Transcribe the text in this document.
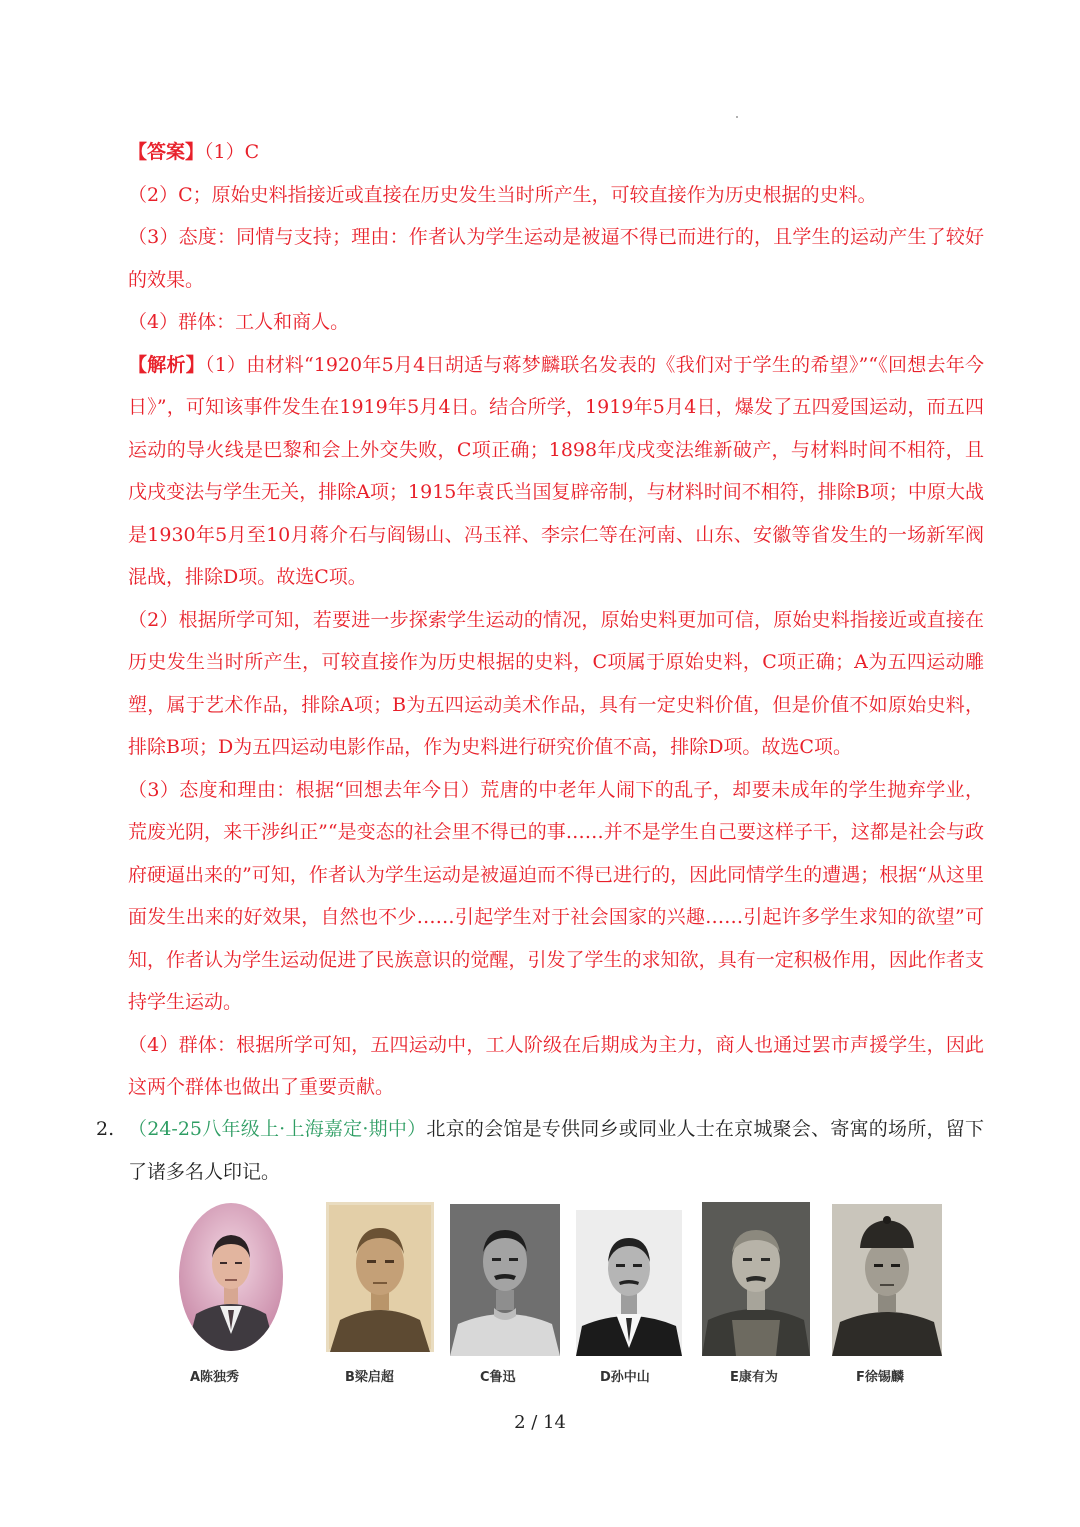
【答案】（1）C

（2）C；原始史料指接近或直接在历史发生当时所产生，可较直接作为历史根据的史料。

（3）态度：同情与支持；理由：作者认为学生运动是被逼不得已而进行的，且学生的运动产生了较好的效果。

（4）群体：工人和商人。

【解析】（1）由材料“1920年5月4日胡适与蒋梦麟联名发表的《我们对于学生的希望》”“《回想去年今日》”，可知该事件发生在1919年5月4日。结合所学，1919年5月4日，爆发了五四爱国运动，而五四运动的导火线是巴黎和会上外交失败，C项正确；1898年戊戌变法维新破产，与材料时间不相符，且戊戌变法与学生无关，排除A项；1915年袁氏当国复辟帝制，与材料时间不相符，排除B项；中原大战是1930年5月至10月蒋介石与阎锡山、冯玉祥、李宗仁等在河南、山东、安徽等省发生的一场新军阀混战，排除D项。故选C项。

（2）根据所学可知，若要进一步探索学生运动的情况，原始史料更加可信，原始史料指接近或直接在历史发生当时所产生，可较直接作为历史根据的史料，C项属于原始史料，C项正确；A为五四运动雕塑，属于艺术作品，排除A项；B为五四运动美术作品，具有一定史料价值，但是价值不如原始史料，排除B项；D为五四运动电影作品，作为史料进行研究价值不高，排除D项。故选C项。

（3）态度和理由：根据“回想去年今日）荒唐的中老年人闹下的乱子，却要未成年的学生抛弃学业，荒废光阴，来干涉纠正”“是变态的社会里不得已的事……并不是学生自己要这样子干，这都是社会与政府硬逼出来的”可知，作者认为学生运动是被逼迫而不得已进行的，因此同情学生的遭遇；根据“从这里面发生出来的好效果，自然也不少……引起学生对于社会国家的兴趣……引起许多学生求知的欲望”可知，作者认为学生运动促进了民族意识的觉醒，引发了学生的求知欲，具有一定积极作用，因此作者支持学生运动。

（4）群体：根据所学可知，五四运动中，工人阶级在后期成为主力，商人也通过罢市声援学生，因此这两个群体也做出了重要贡献。

2. （24-25八年级上·上海嘉定·期中）北京的会馆是专供同乡或同业人士在京城聚会、寄寓的场所，留下了诸多名人印记。
A陈独秀	B梁启超	C鲁迅	D孙中山	E康有为	F徐锡麟
2 / 14
